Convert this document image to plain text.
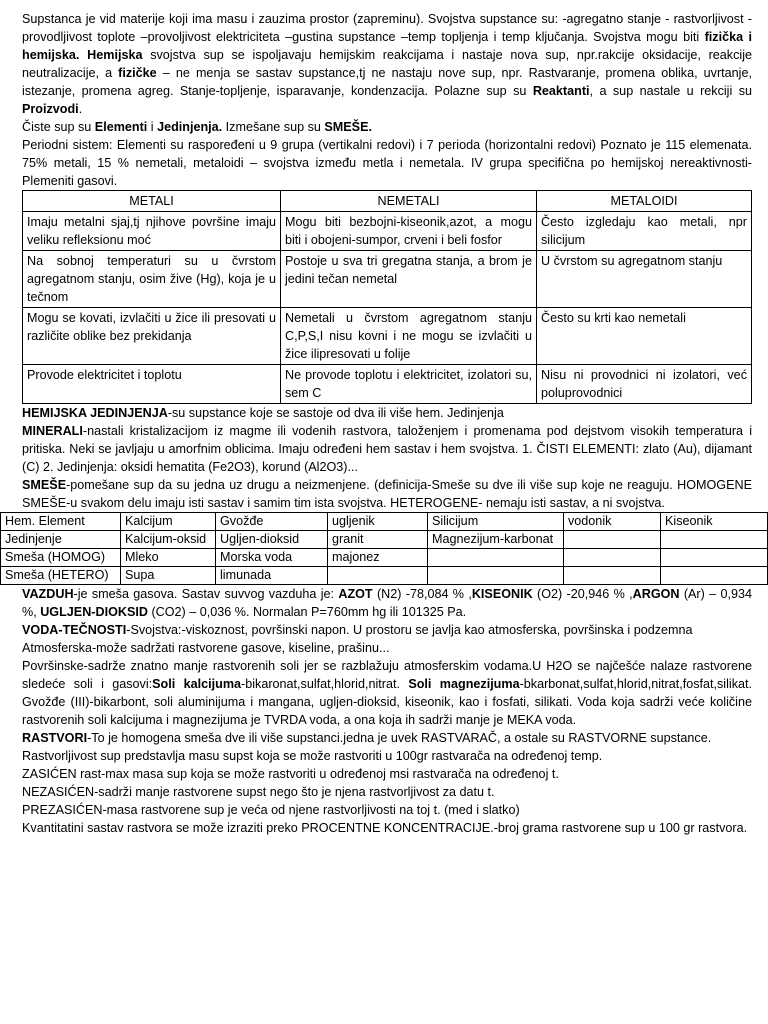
Supstanca je vid materije koji ima masu i zauzima prostor (zapreminu). Svojstva supstance su: -agregatno stanje - rastvorljivost -provodljivost toplote –provoljivost elektriciteta –gustina supstance –temp topljenja i temp ključanja. Svojstva mogu biti fizička i hemijska. Hemijska svojstva sup se ispoljavaju hemijskim reakcijama i nastaje nova sup, npr.rakcije oksidacije, reakcije neutralizacije, a fizičke – ne menja se sastav supstance,tj ne nastaju nove sup, npr. Rastvaranje, promena oblika, uvrtanje, istezanje, promena agreg. Stanje-topljenje, isparavanje, kondenzacija. Polazne sup su Reaktanti, a sup nastale u rekciji su Proizvodi.

Čiste sup su Elementi i Jedinjenja. Izmešane sup su SMEŠE.

Periodni sistem: Elementi su raspoređeni u 9 grupa (vertikalni redovi) i 7 perioda (horizontalni redovi) Poznato je 115 elemenata. 75% metali, 15 % nemetali, metaloidi – svojstva između metla i nemetala. IV grupa specifična po hemijskoj nereaktivnosti- Plemeniti gasovi.

METALI	NEMETALI	METALOIDI
Imaju metalni sjaj,tj njihove površine imaju veliku refleksionu moć	Mogu biti bezbojni-kiseonik,azot, a mogu biti i obojeni-sumpor, crveni i beli fosfor	Često izgledaju kao metali, npr silicijum
Na sobnoj temperaturi su u čvrstom agregatnom stanju, osim žive (Hg), koja je u tečnom	Postoje u sva tri gregatna stanja, a brom je jedini tečan nemetal	U čvrstom su agregatnom stanju
Mogu se kovati, izvlačiti u žice ili presovati u različite oblike bez prekidanja	Nemetali u čvrstom agregatnom stanju C,P,S,I nisu kovni i ne mogu se izvlačiti u žice ilipresovati u folije	Često su krti kao nemetali
Provode elektricitet i toplotu	Ne provode toplotu i elektricitet, izolatori su, sem C	Nisu ni provodnici ni izolatori, već poluprovodnici

HEMIJSKA JEDINJENJA-su supstance koje se sastoje od dva ili više hem. Jedinjenja

MINERALI-nastali kristalizacijom iz magme ili vodenih rastvora, taloženjem i promenama pod dejstvom visokih temperatura i pritiska. Neki se javljaju u amorfnim oblicima. Imaju određeni hem sastav i hem svojstva. 1. ČISTI ELEMENTI: zlato (Au), dijamant (C) 2. Jedinjenja: oksidi hematita (Fe2O3), korund (Al2O3)...

SMEŠE-pomešane sup da su jedna uz drugu a neizmenjene. (definicija-Smeše su dve ili više sup koje ne reaguju. HOMOGENE SMEŠE-u svakom delu imaju isti sastav i samim tim ista svojstva. HETEROGENE- nemaju isti sastav, a ni svojstva.

Hem. Element	Kalcijum	Gvožđe	ugljenik	Silicijum	vodonik	Kiseonik
Jedinjenje	Kalcijum-oksid	Ugljen-dioksid	granit	Magnezijum-karbonat		
Smeša (HOMOG)	Mleko	Morska voda	majonez			
Smeša (HETERO)	Supa	limunada				

VAZDUH-je smeša gasova. Sastav suvvog vazduha je: AZOT (N2) -78,084 % ,KISEONIK (O2) -20,946 % ,ARGON (Ar) – 0,934 %, UGLJEN-DIOKSID (CO2) – 0,036 %. Normalan P=760mm hg ili 101325 Pa.

VODA-TEČNOSTI-Svojstva:-viskoznost, površinski napon. U prostoru se javlja kao atmosferska, površinska i podzemna

Atmosferska-može sadržati rastvorene gasove, kiseline, prašinu...

Površinske-sadrže znatno manje rastvorenih soli jer se razblažuju atmosferskim vodama.U H2O se najčešće nalaze rastvorene sledeće soli i gasovi:Soli kalcijuma-bikaronat,sulfat,hlorid,nitrat. Soli magnezijuma-bkarbonat,sulfat,hlorid,nitrat,fosfat,silikat. Gvožđe (III)-bikarbont, soli aluminijuma i mangana, ugljen-dioksid, kiseonik, kao i fosfati, silikati. Voda koja sadrži veće količine rastvorenih soli kalcijuma i magnezijuma je TVRDA voda, a ona koja ih sadrži manje je MEKA voda.

RASTVORI-To je homogena smeša dve ili više supstanci.jedna je uvek RASTVARAČ, a ostale su RASTVORNE supstance.

Rastvorljivost sup predstavlja masu supst koja se može rastvoriti u 100gr rastvarača na određenoj temp.

ZASIĆEN rast-max masa sup koja se može rastvoriti u određenoj msi rastvarača na određenoj t.

NEZASIĆEN-sadrži manje rastvorene supst nego što je njena rastvorljivost za datu t.

PREZASIĆEN-masa rastvorene sup je veća od njene rastvorljivosti na toj t. (med i slatko)

Kvantitatini sastav rastvora se može izraziti preko PROCENTNE KONCENTRACIJE.-broj grama rastvorene sup u 100 gr rastvora.
